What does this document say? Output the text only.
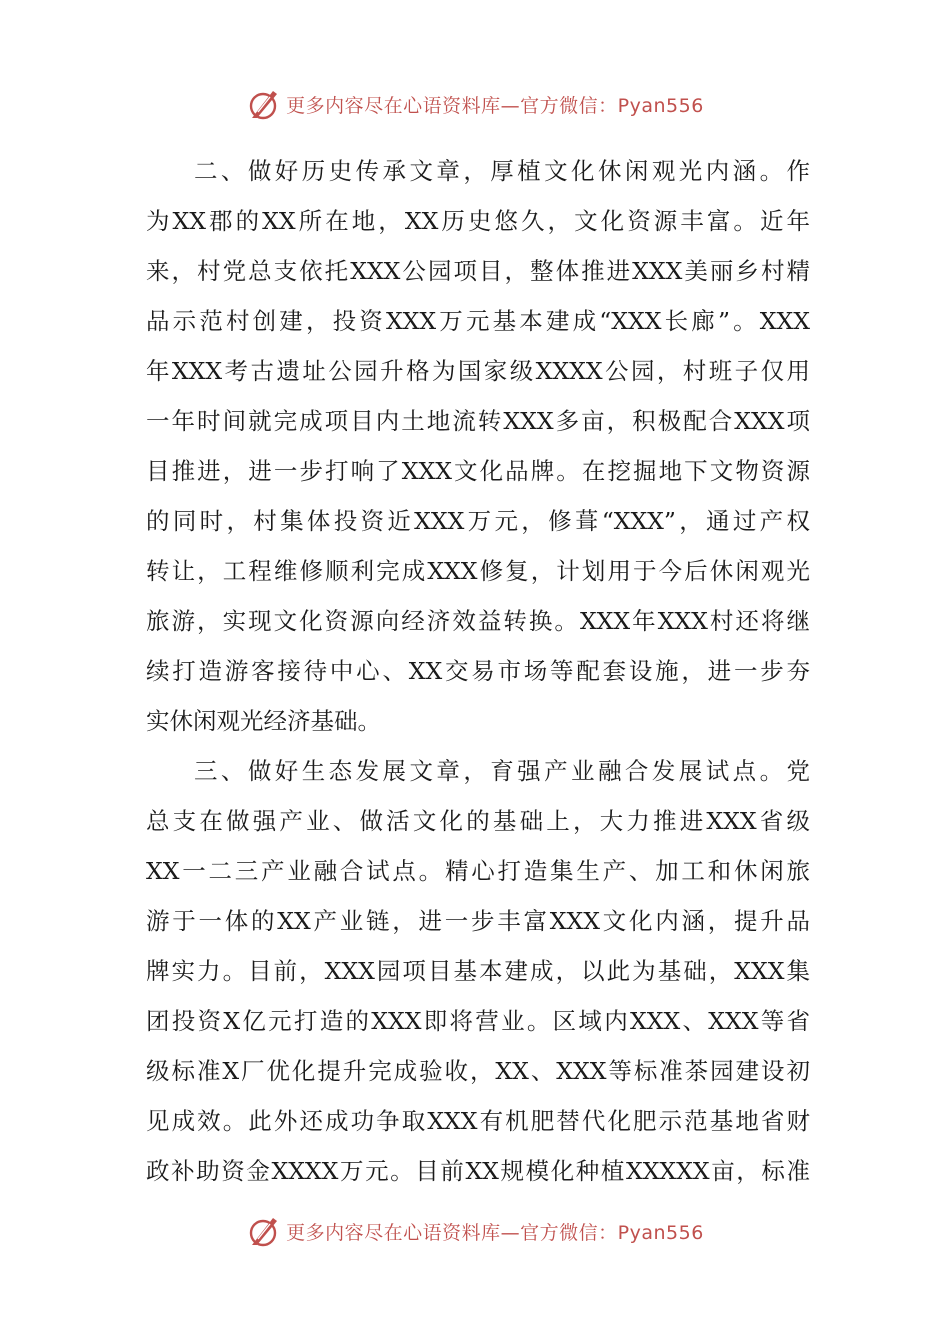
更多内容尽在心语资料库—官方微信：Pyan556
二、做好历史传承文章，厚植文化休闲观光内涵。作
为XX郡的XX所在地，XX历史悠久，文化资源丰富。近年
来，村党总支依托XXX公园项目，整体推进XXX美丽乡村精
品示范村创建，投资XXX万元基本建成“XXX长廊”。XXX
年XXX考古遗址公园升格为国家级XXXX公园，村班子仅用
一年时间就完成项目内土地流转XXX多亩，积极配合XXX项
目推进，进一步打响了XXX文化品牌。在挖掘地下文物资源
的同时，村集体投资近XXX万元，修葺“XXX”，通过产权
转让，工程维修顺利完成XXX修复，计划用于今后休闲观光
旅游，实现文化资源向经济效益转换。XXX年XXX村还将继
续打造游客接待中心、XX交易市场等配套设施，进一步夯
实休闲观光经济基础。
三、做好生态发展文章，育强产业融合发展试点。党
总支在做强产业、做活文化的基础上，大力推进XXX省级
XX一二三产业融合试点。精心打造集生产、加工和休闲旅
游于一体的XX产业链，进一步丰富XXX文化内涵，提升品
牌实力。目前，XXX园项目基本建成，以此为基础，XXX集
团投资X亿元打造的XXX即将营业。区域内XXX、XXX等省
级标准X厂优化提升完成验收，XX、XXX等标准茶园建设初
见成效。此外还成功争取XXX有机肥替代化肥示范基地省财
政补助资金XXXX万元。目前XX规模化种植XXXXX亩，标准
更多内容尽在心语资料库—官方微信：Pyan556
